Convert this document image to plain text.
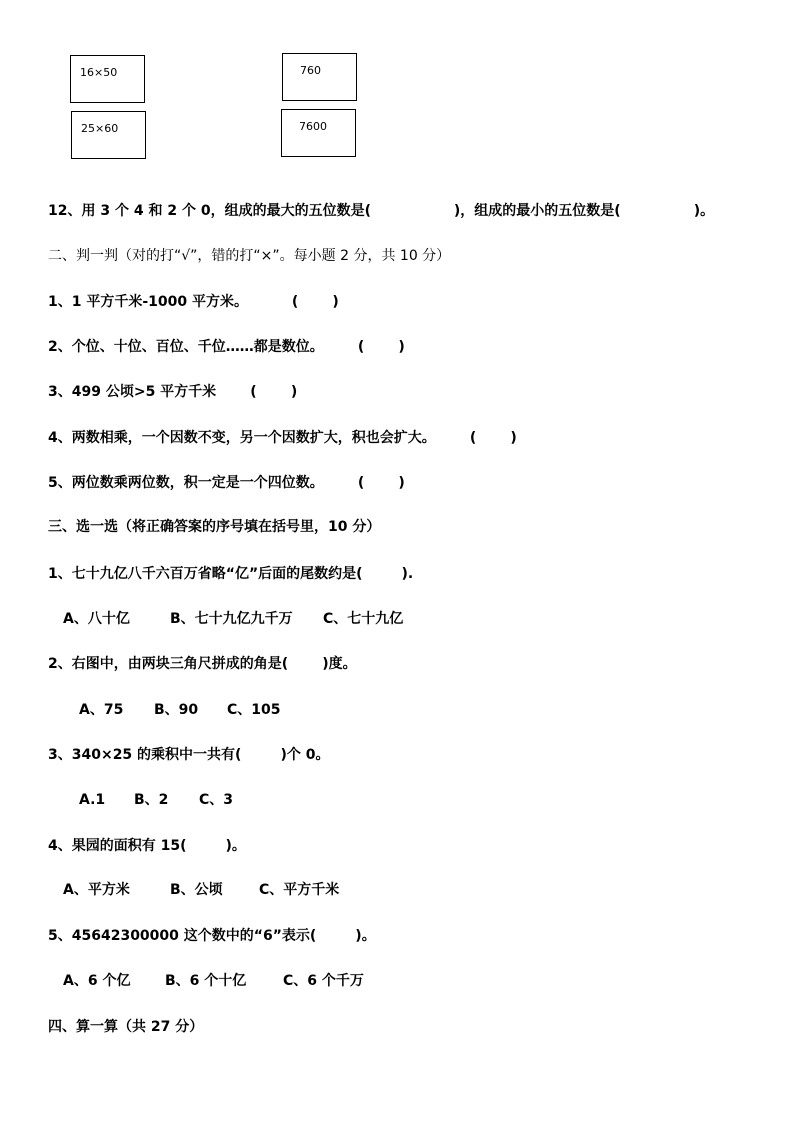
16×50
25×60
760
7600
12、用 3 个 4 和 2 个 0，组成的最大的五位数是(                 )，组成的最小的五位数是(               )。
二、判一判（对的打“√”，错的打“×”。每小题 2 分，共 10 分）
1、1 平方千米-1000 平方米。         (       )
2、个位、十位、百位、千位……都是数位。       (       )
3、499 公顷>5 平方千米       (       )
4、两数相乘，一个因数不变，另一个因数扩大，积也会扩大。       (       )
5、两位数乘两位数，积一定是一个四位数。       (       )
三、选一选（将正确答案的序号填在括号里，10 分）
1、七十九亿八千六百万省略“亿”后面的尾数约是(        ).
A、八十亿	B、七十九亿九千万 C、七十九亿
2、右图中，由两块三角尺拼成的角是(       )度。
A、75 B、90 C、105
3、340×25 的乘积中一共有(        )个 0。
A.1 B、2 C、3
4、果园的面积有 15(        )。
A、平方米	B、公顷	C、平方千米
5、45642300000 这个数中的“6”表示(        )。
A、6 个亿 B、6 个十亿	C、6 个千万
四、算一算（共 27 分）
